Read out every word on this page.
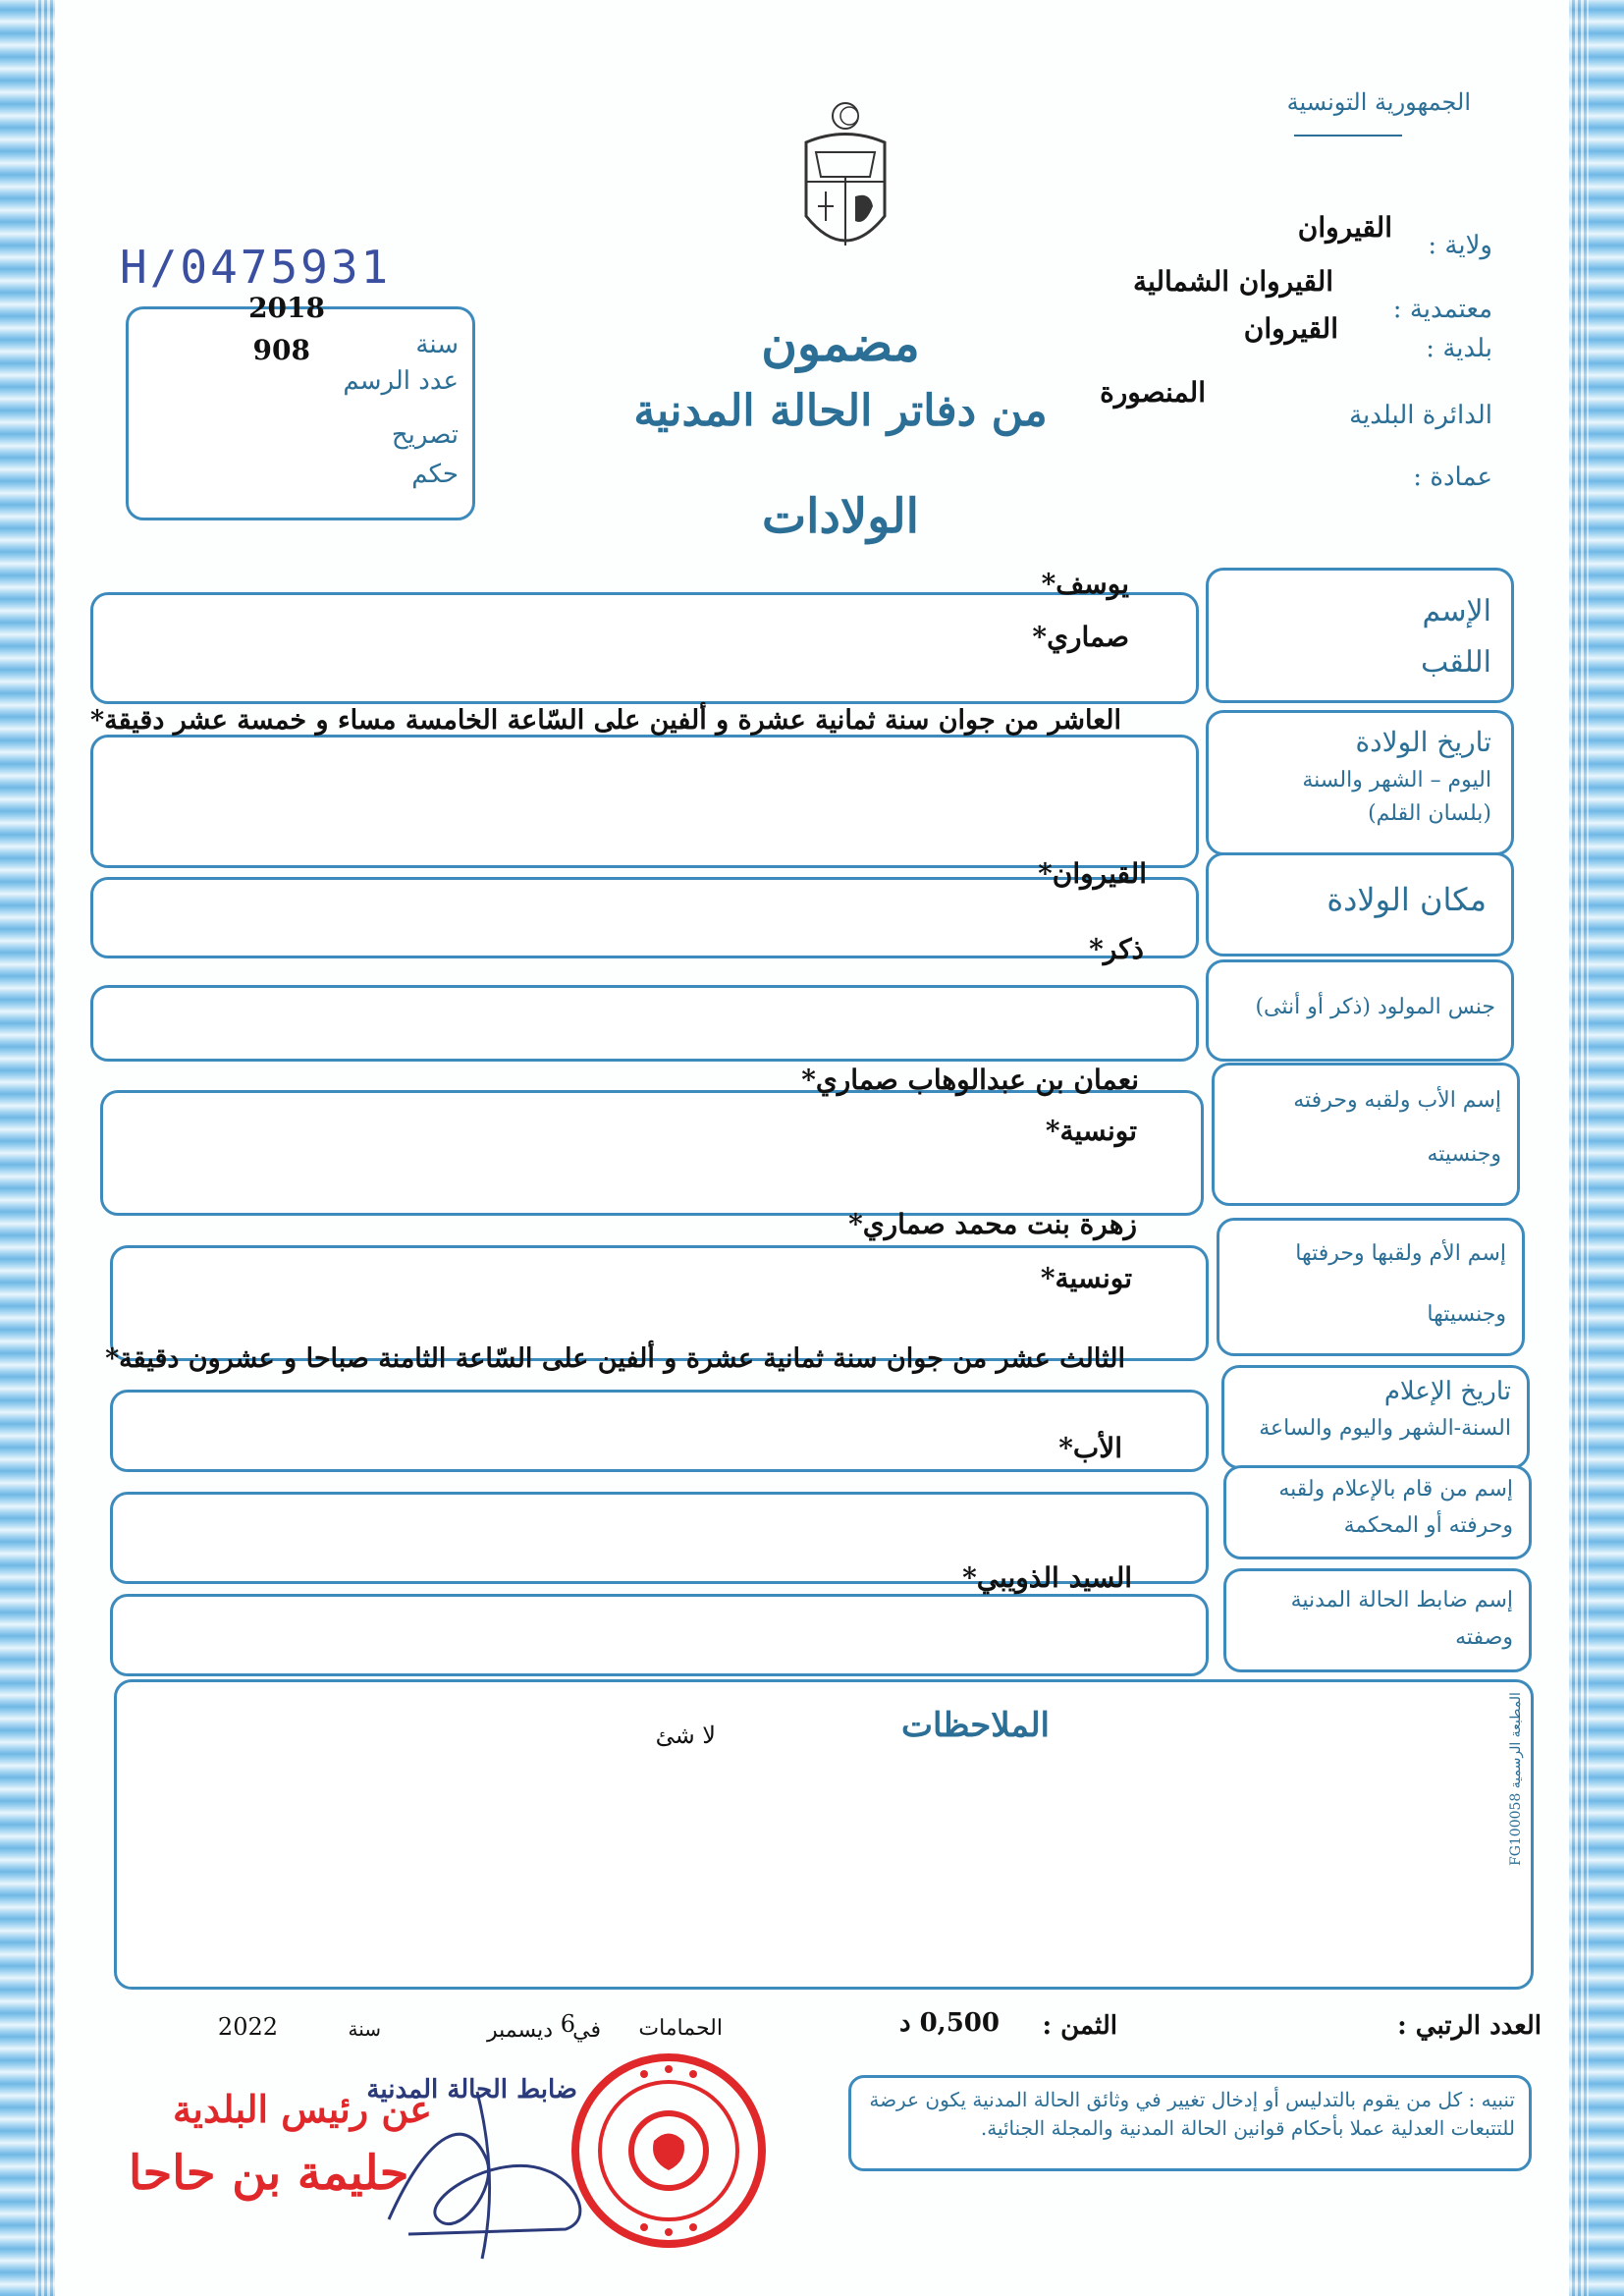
الجمهورية التونسية
H/0475931	ولاية :
القيروان
معتمدية :
القيروان الشمالية
بلدية :
القيروان
الدائرة البلدية
المنصورة
عمادة :
مضمون
من دفاتر الحالة المدنية
الولادات
سنة
2018
عدد الرسم
908
تصريح
حكم
الإسم
اللقب
يوسف*
صماري*
تاريخ الولادة
اليوم – الشهر والسنة
(بلسان القلم)
العاشر من جوان سنة ثمانية عشرة و ألفين على السّاعة الخامسة مساء و خمسة عشر دقيقة*
مكان الولادة
القيروان*
جنس المولود (ذكر أو أنثى)
ذكر*
إسم الأب ولقبه وحرفته
وجنسيته
نعمان بن عبدالوهاب صماري*
تونسية*
إسم الأم ولقبها وحرفتها
وجنسيتها
زهرة بنت محمد صماري*
تونسية*
تاريخ الإعلام
السنة-الشهر واليوم والساعة
الثالث عشر من جوان سنة ثمانية عشرة و ألفين على السّاعة الثامنة صباحا و عشرون دقيقة*
إسم من قام بالإعلام ولقبه
وحرفته أو المحكمة
الأب*
إسم ضابط الحالة المدنية
وصفته
السيد الذويبي*
الملاحظات
لا شئ
المطبعة الرسمية FG100058
العدد الرتبي :
الثمن :
0,500 د
الحمامات
في
6
ديسمبر
سنة
2022
ضابط الحالة المدنية
عن رئيس البلدية
حليمة بن حاحا
تنبيه : كل من يقوم بالتدليس أو إدخال تغيير في وثائق الحالة المدنية يكون عرضة للتتبعات العدلية عملا بأحكام قوانين الحالة المدنية والمجلة الجنائية.
